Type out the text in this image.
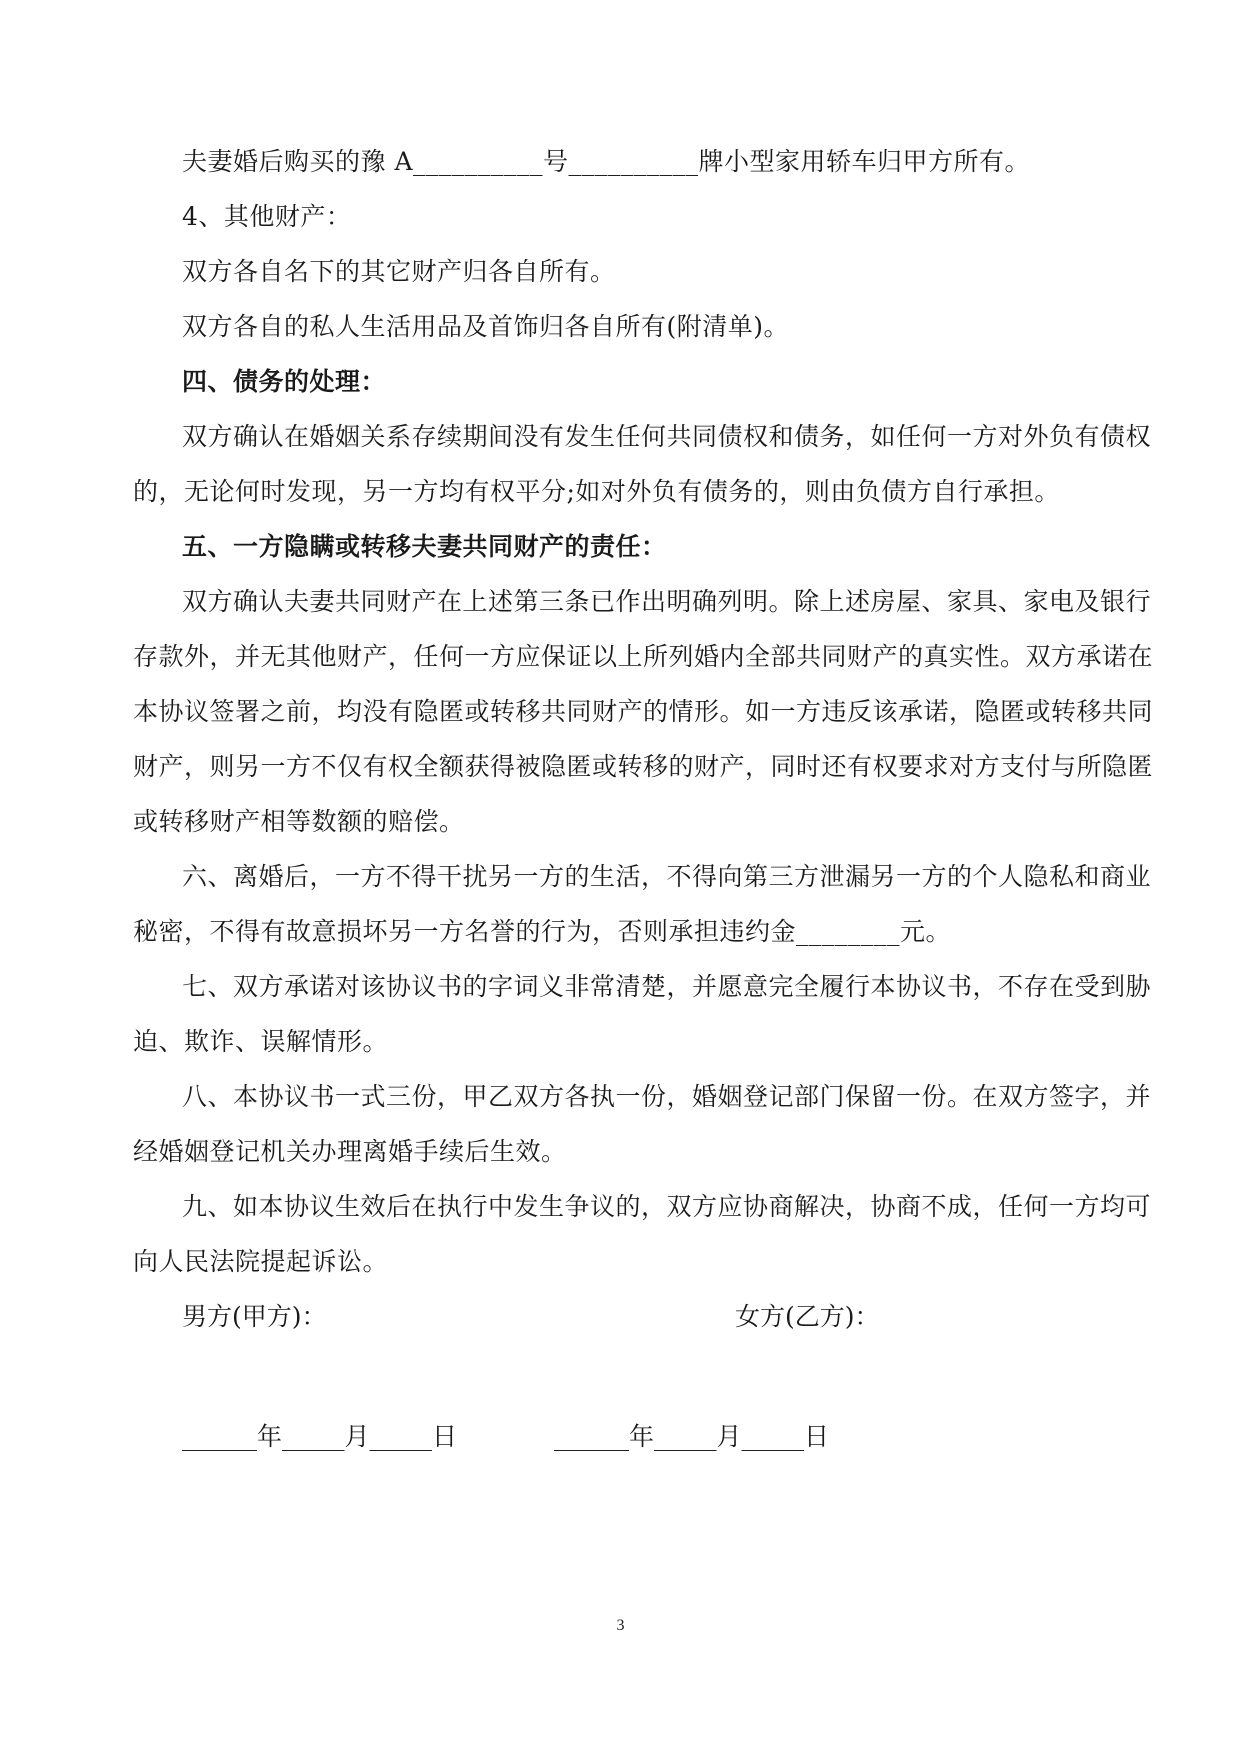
夫妻婚后购买的豫 A__________号__________牌小型家用轿车归甲方所有。
4、其他财产：
双方各自名下的其它财产归各自所有。
双方各自的私人生活用品及首饰归各自所有(附清单)。
四、债务的处理：
双方确认在婚姻关系存续期间没有发生任何共同债权和债务，如任何一方对外负有债权
的，无论何时发现，另一方均有权平分;如对外负有债务的，则由负债方自行承担。
五、一方隐瞒或转移夫妻共同财产的责任：
双方确认夫妻共同财产在上述第三条已作出明确列明。除上述房屋、家具、家电及银行
存款外，并无其他财产，任何一方应保证以上所列婚内全部共同财产的真实性。双方承诺在
本协议签署之前，均没有隐匿或转移共同财产的情形。如一方违反该承诺，隐匿或转移共同
财产，则另一方不仅有权全额获得被隐匿或转移的财产，同时还有权要求对方支付与所隐匿
或转移财产相等数额的赔偿。
六、离婚后，一方不得干扰另一方的生活，不得向第三方泄漏另一方的个人隐私和商业
秘密，不得有故意损坏另一方名誉的行为，否则承担违约金________元。
七、双方承诺对该协议书的字词义非常清楚，并愿意完全履行本协议书，不存在受到胁
迫、欺诈、误解情形。
八、本协议书一式三份，甲乙双方各执一份，婚姻登记部门保留一份。在双方签字，并
经婚姻登记机关办理离婚手续后生效。
九、如本协议生效后在执行中发生争议的，双方应协商解决，协商不成，任何一方均可
向人民法院提起诉讼。
男方(甲方)：	女方(乙方)：
______年_____月_____日	______年_____月_____日
3
